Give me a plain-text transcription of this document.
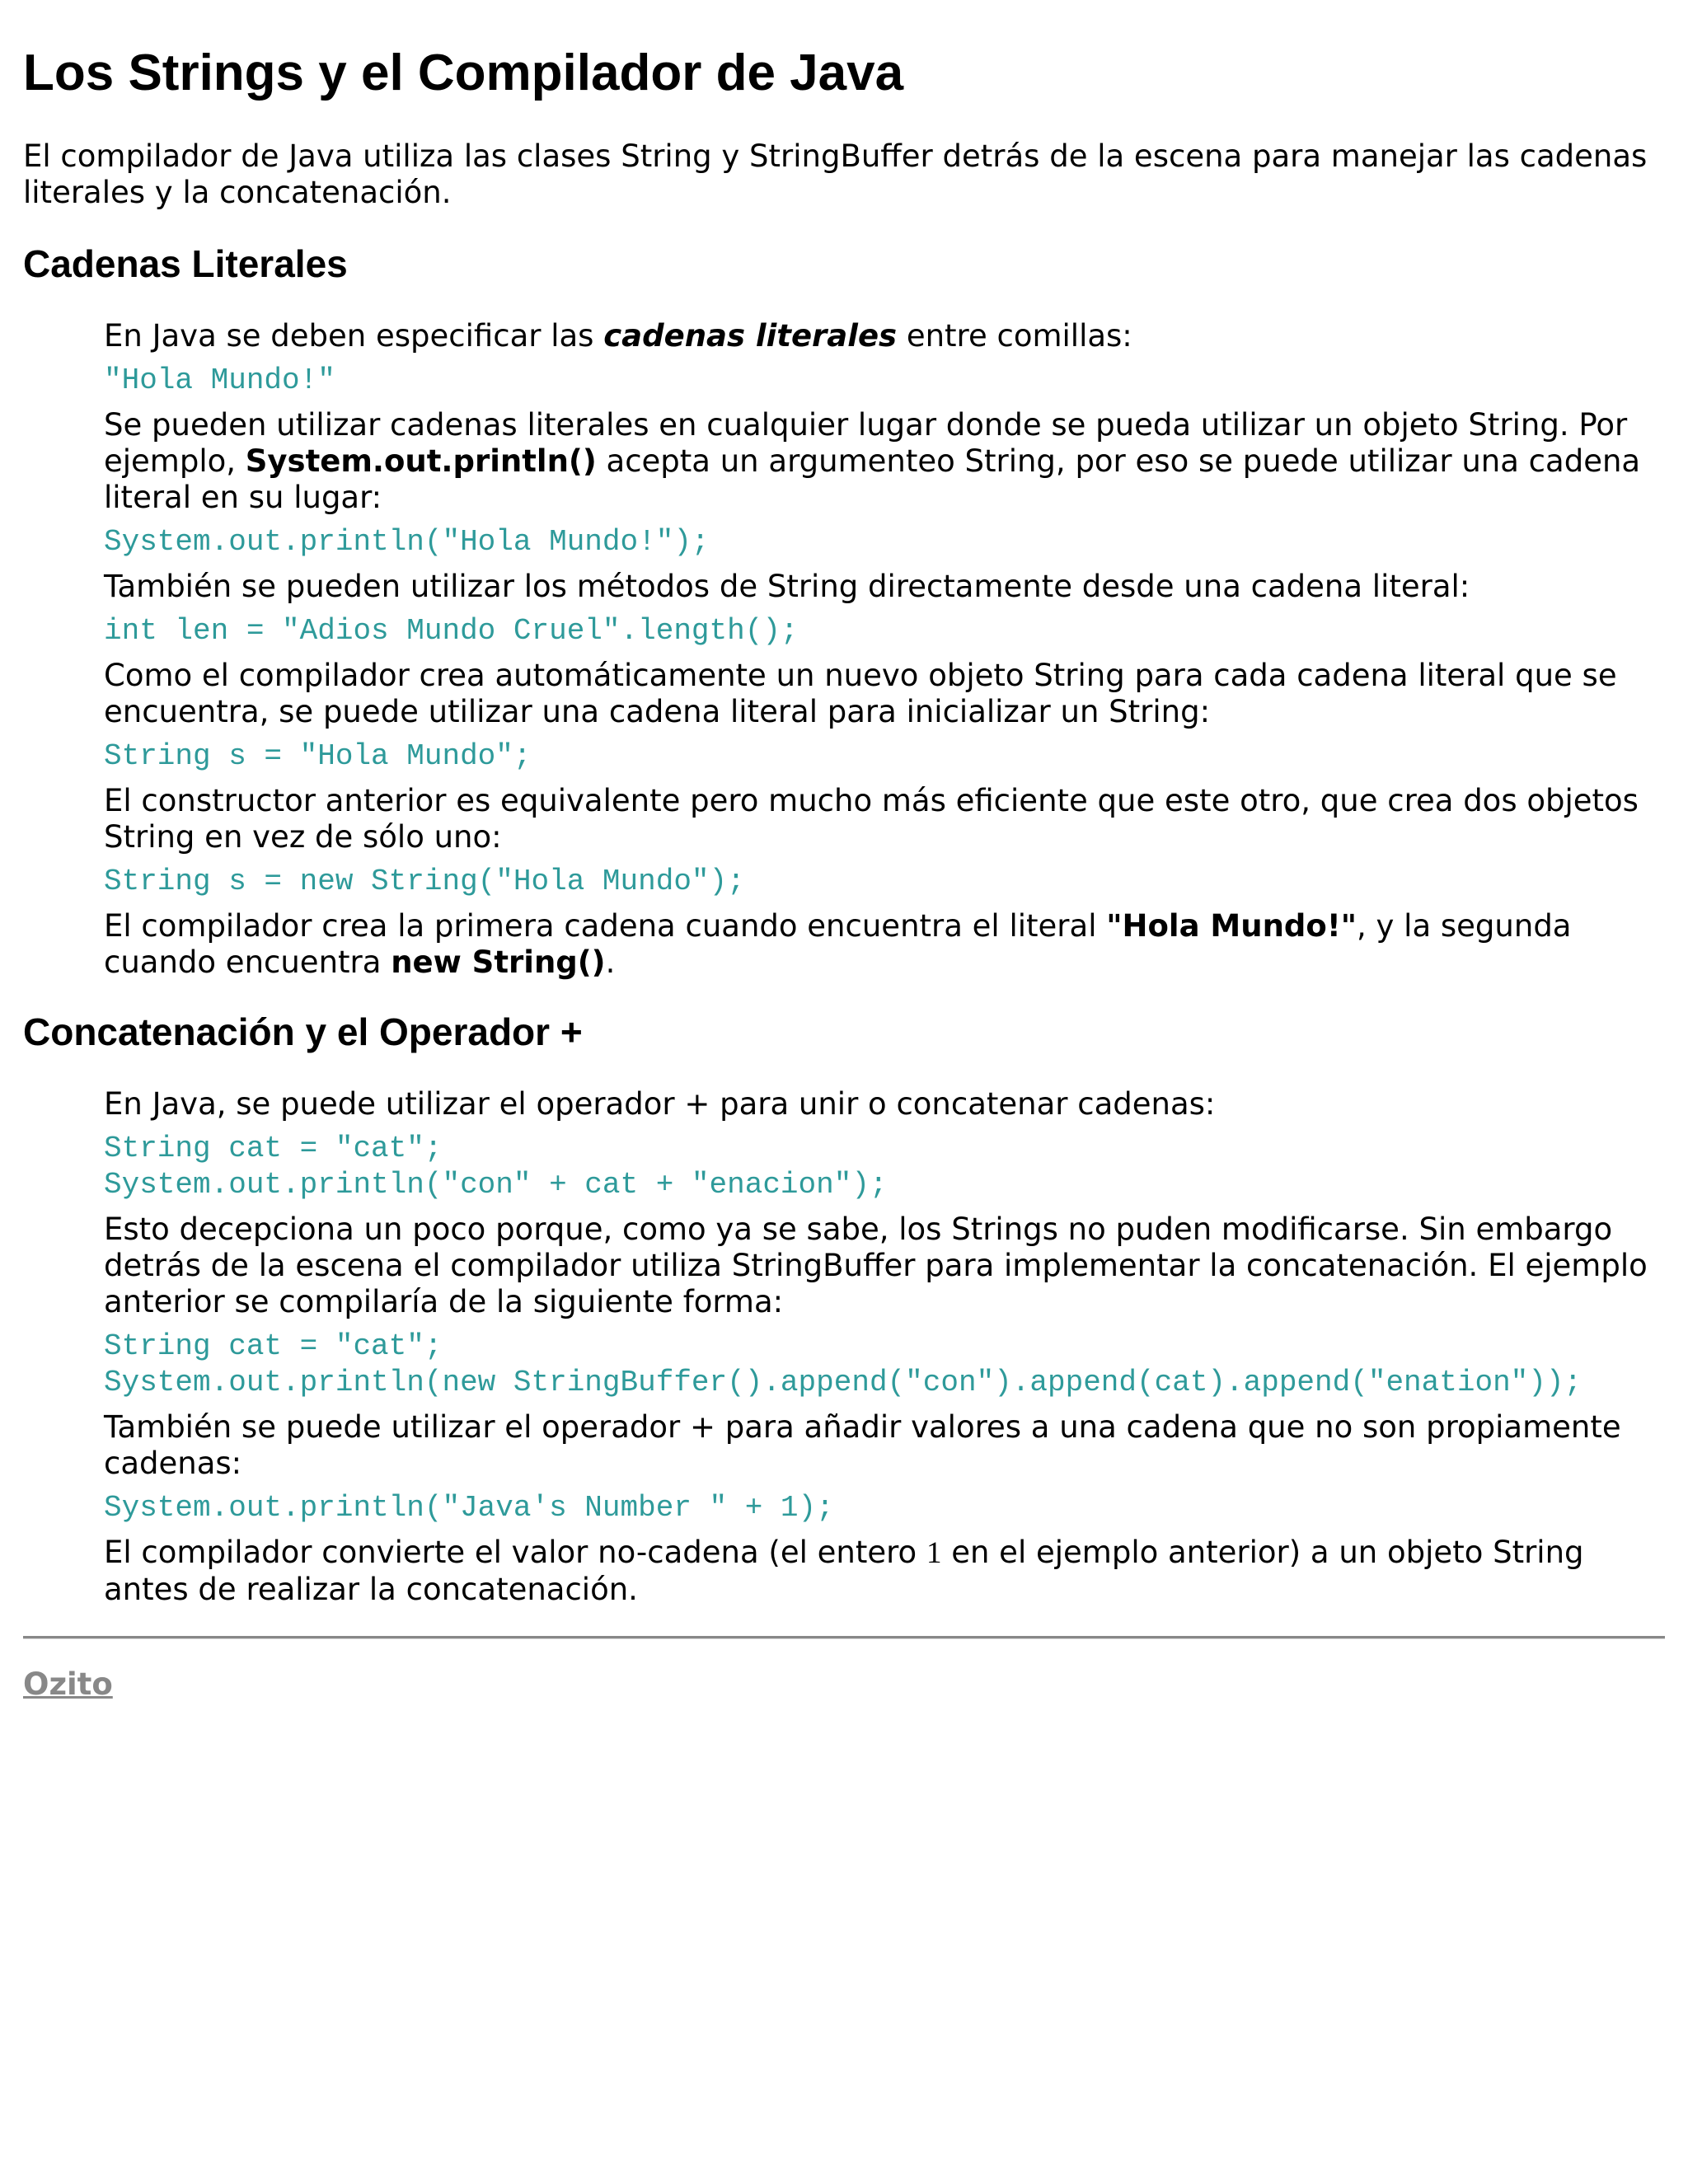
Los Strings y el Compilador de Java

El compilador de Java utiliza las clases String y StringBuffer detrás de la escena para manejar las cadenas literales y la concatenación.

Cadenas Literales
En Java se deben especificar las cadenas literales entre comillas:
"Hola Mundo!"
Se pueden utilizar cadenas literales en cualquier lugar donde se pueda utilizar un objeto String. Por ejemplo, System.out.println() acepta un argumenteo String, por eso se puede utilizar una cadena literal en su lugar:
System.out.println("Hola Mundo!");
También se pueden utilizar los métodos de String directamente desde una cadena literal:
int len = "Adios Mundo Cruel".length();
Como el compilador crea automáticamente un nuevo objeto String para cada cadena literal que se encuentra, se puede utilizar una cadena literal para inicializar un String:
String s = "Hola Mundo";
El constructor anterior es equivalente pero mucho más eficiente que este otro, que crea dos objetos String en vez de sólo uno:
String s = new String("Hola Mundo");
El compilador crea la primera cadena cuando encuentra el literal "Hola Mundo!", y la segunda cuando encuentra new String().
Concatenación y el Operador +
En Java, se puede utilizar el operador + para unir o concatenar cadenas:
String cat = "cat";
System.out.println("con" + cat + "enacion");
Esto decepciona un poco porque, como ya se sabe, los Strings no puden modificarse. Sin embargo detrás de la escena el compilador utiliza StringBuffer para implementar la concatenación. El ejemplo anterior se compilaría de la siguiente forma:
String cat = "cat";
System.out.println(new StringBuffer().append("con").append(cat).append("enation"));
También se puede utilizar el operador + para añadir valores a una cadena que no son propiamente cadenas:
System.out.println("Java's Number " + 1);
El compilador convierte el valor no-cadena (el entero 1 en el ejemplo anterior) a un objeto String antes de realizar la concatenación.
Ozito
